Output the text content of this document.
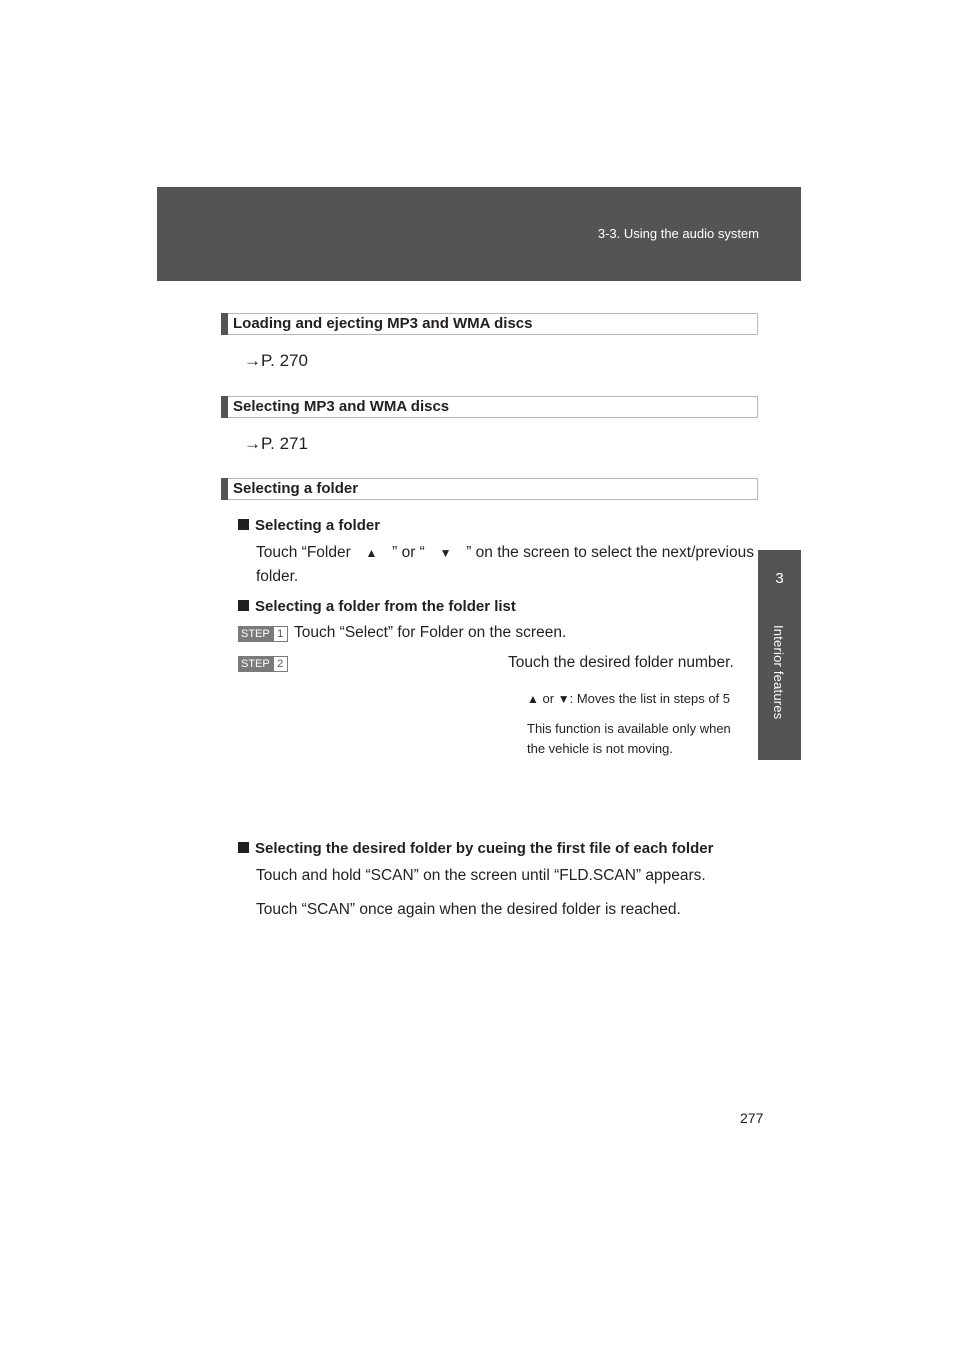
3-3. Using the audio system
3
Interior features
Loading and ejecting MP3 and WMA discs
→P. 270
Selecting MP3 and WMA discs
→P. 271
Selecting a folder
Selecting a folder
Touch “Folder ▲ ” or “ ▼ ” on the screen to select the next/previous
folder.
Selecting a folder from the folder list
STEP 1 Touch “Select” for Folder on the screen.
STEP 2	Touch the desired folder number.
▲ or ▼: Moves the list in steps of 5
This function is available only when
the vehicle is not moving.
Selecting the desired folder by cueing the first file of each folder
Touch and hold “SCAN” on the screen until “FLD.SCAN” appears.
Touch “SCAN” once again when the desired folder is reached.
277
